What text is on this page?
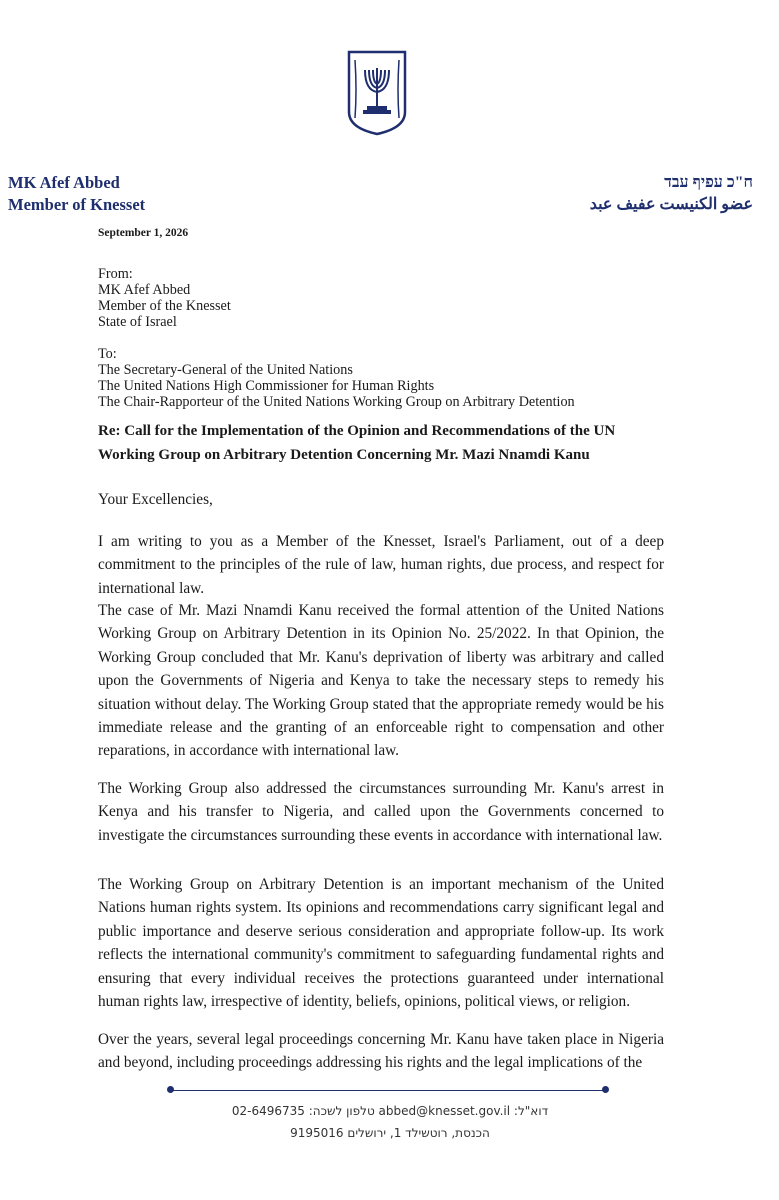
MK Afef Abbed
Member of Knesset
ח"כ עפיף עבד
عضو الكنيست عفيف عبد
September 1, 2026
From:
MK Afef Abbed
Member of the Knesset
State of Israel
To:
The Secretary-General of the United Nations
The United Nations High Commissioner for Human Rights
The Chair-Rapporteur of the United Nations Working Group on Arbitrary Detention
Re: Call for the Implementation of the Opinion and Recommendations of the UN
Working Group on Arbitrary Detention Concerning Mr. Mazi Nnamdi Kanu
Your Excellencies,
I am writing to you as a Member of the Knesset, Israel's Parliament, out of a deep commitment to the principles of the rule of law, human rights, due process, and respect for international law.
The case of Mr. Mazi Nnamdi Kanu received the formal attention of the United Nations Working Group on Arbitrary Detention in its Opinion No. 25/2022. In that Opinion, the Working Group concluded that Mr. Kanu's deprivation of liberty was arbitrary and called upon the Governments of Nigeria and Kenya to take the necessary steps to remedy his situation without delay. The Working Group stated that the appropriate remedy would be his immediate release and the granting of an enforceable right to compensation and other reparations, in accordance with international law.
The Working Group also addressed the circumstances surrounding Mr. Kanu's arrest in Kenya and his transfer to Nigeria, and called upon the Governments concerned to investigate the circumstances surrounding these events in accordance with international law.
The Working Group on Arbitrary Detention is an important mechanism of the United Nations human rights system. Its opinions and recommendations carry significant legal and public importance and deserve serious consideration and appropriate follow-up. Its work reflects the international community's commitment to safeguarding fundamental rights and ensuring that every individual receives the protections guaranteed under international human rights law, irrespective of identity, beliefs, opinions, political views, or religion.
Over the years, several legal proceedings concerning Mr. Kanu have taken place in Nigeria and beyond, including proceedings addressing his rights and the legal implications of the
דוא"ל: abbed@knesset.gov.il טלפון לשכה: 02-6496735
הכנסת, רוטשילד 1, ירושלים 9195016
